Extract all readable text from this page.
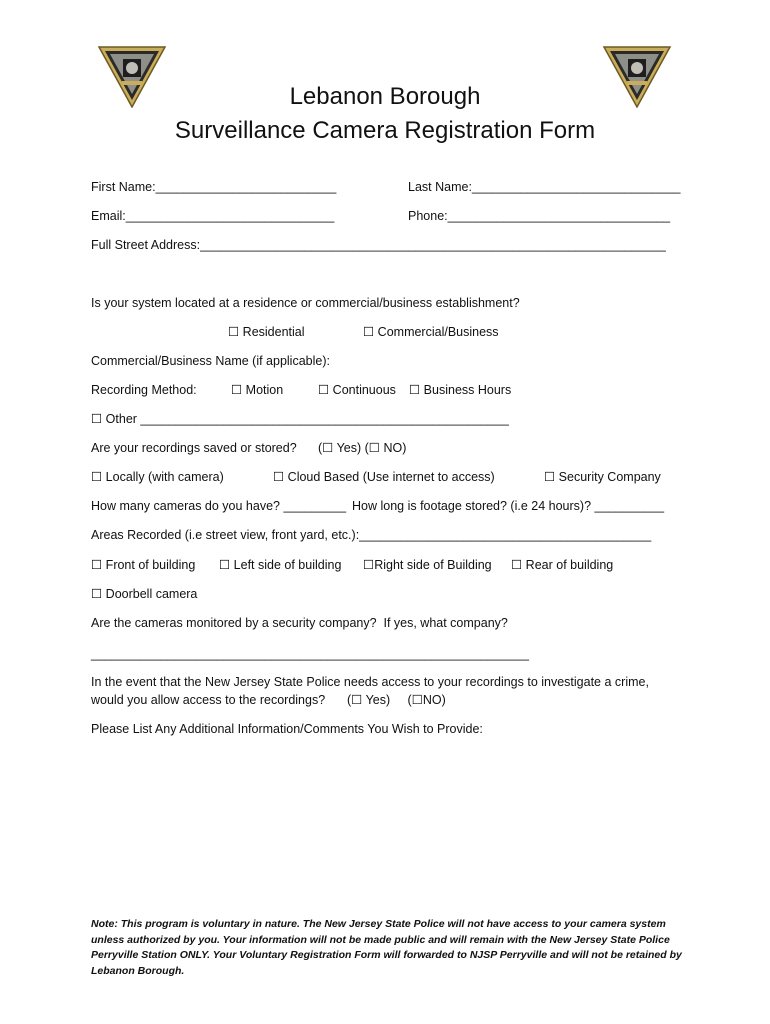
Lebanon Borough
Surveillance Camera Registration Form
First Name:__________________________	Last Name:______________________________
Email:______________________________	Phone:________________________________
Full Street Address:___________________________________________________________________
Is your system located at a residence or commercial/business establishment?
☐ Residential	☐ Commercial/Business
Commercial/Business Name (if applicable):
Recording Method:	☐ Motion	☐ Continuous ☐ Business Hours
☐ Other _____________________________________________________
Are your recordings saved or stored? (☐ Yes) (☐ NO)
☐ Locally (with camera)	☐ Cloud Based (Use internet to access)	☐ Security Company
How many cameras do you have? _________ How long is footage stored? (i.e 24 hours)? __________
Areas Recorded (i.e street view, front yard, etc.):__________________________________________
☐ Front of building ☐ Left side of building ☐Right side of Building ☐ Rear of building
☐ Doorbell camera
Are the cameras monitored by a security company?  If yes, what company?
_______________________________________________________________
In the event that the New Jersey State Police needs access to your recordings to investigate a crime,
would you allow access to the recordings? (☐ Yes)     (☐NO)
Please List Any Additional Information/Comments You Wish to Provide:
Note: This program is voluntary in nature. The New Jersey State Police will not have access to your camera system unless authorized by you. Your information will not be made public and will remain with the New Jersey State Police Perryville Station ONLY. Your Voluntary Registration Form will forwarded to NJSP Perryville and will not be retained by Lebanon Borough.
